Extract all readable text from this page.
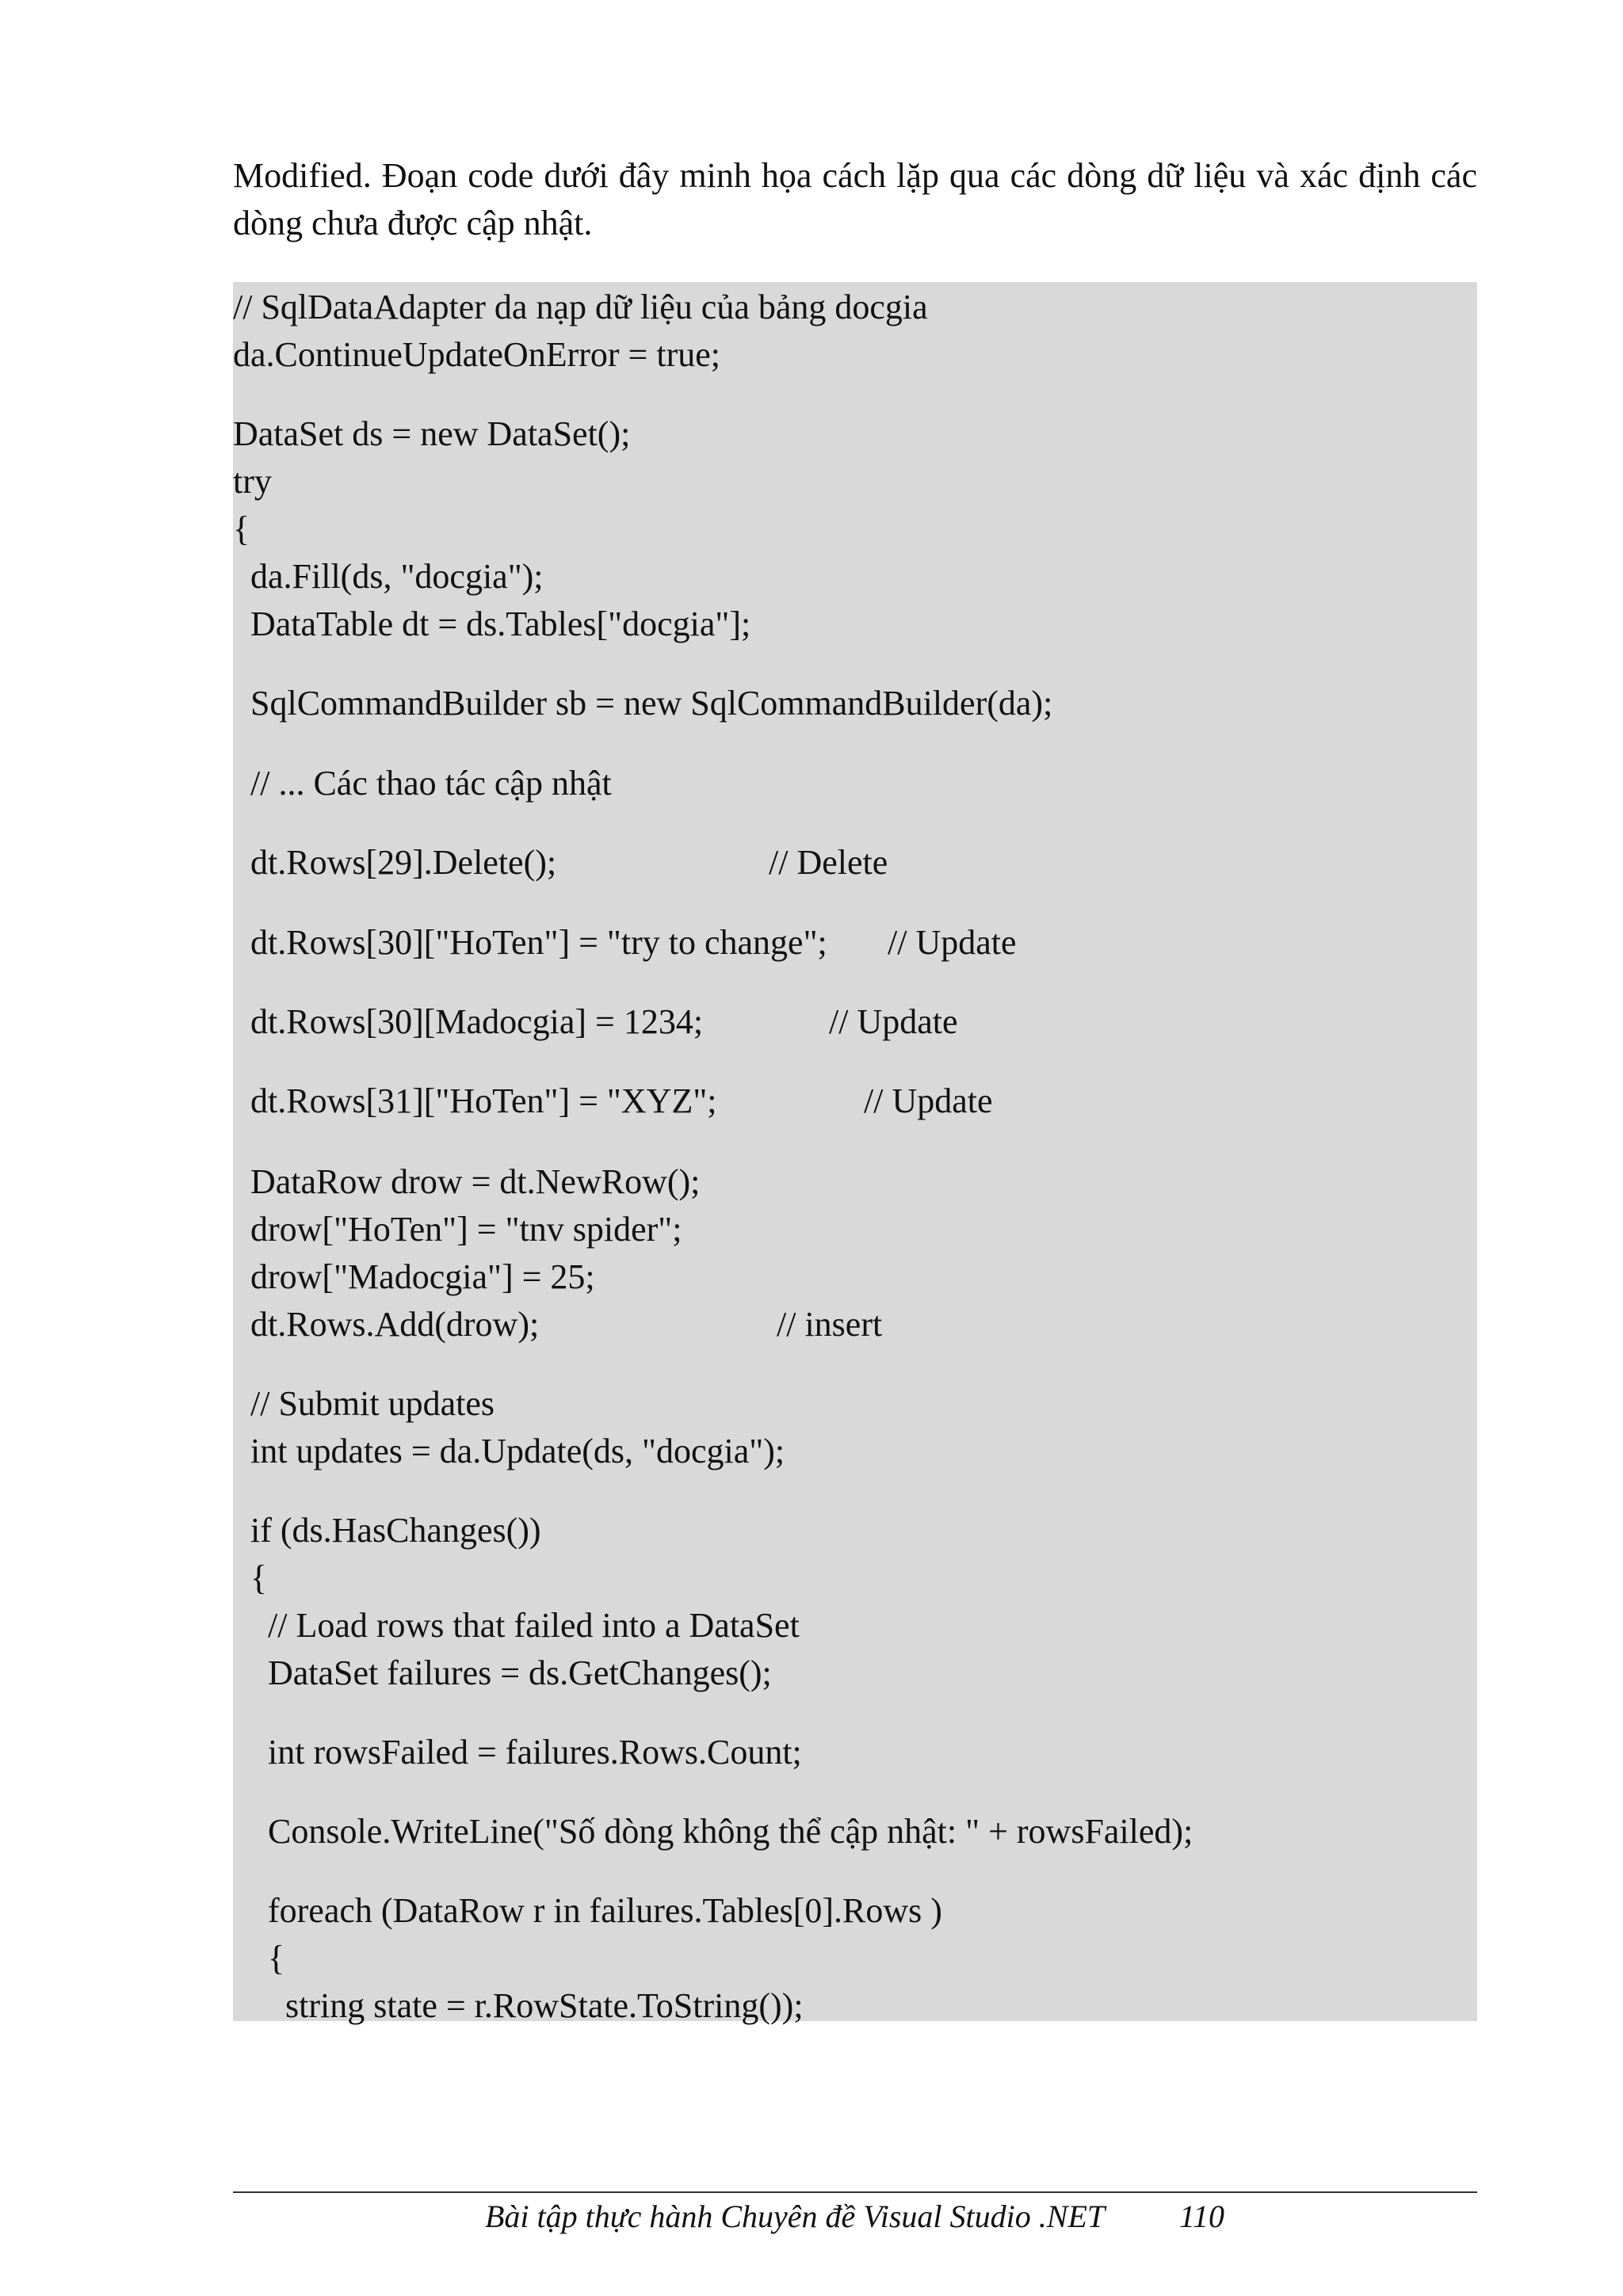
Modified. Đoạn code dưới đây minh họa cách lặp qua các dòng dữ liệu và xác định các
dòng chưa được cập nhật.
// SqlDataAdapter da nạp dữ liệu của bảng docgia
da.ContinueUpdateOnError = true;
DataSet ds = new DataSet();
try
{
da.Fill(ds, "docgia");
DataTable dt = ds.Tables["docgia"];
SqlCommandBuilder sb = new SqlCommandBuilder(da);
// ... Các thao tác cập nhật
dt.Rows[29].Delete();	// Delete
dt.Rows[30]["HoTen"] = "try to change"; // Update
dt.Rows[30][Madocgia] = 1234;	// Update
dt.Rows[31]["HoTen"] = "XYZ";	// Update
DataRow drow = dt.NewRow();
drow["HoTen"] = "tnv spider";
drow["Madocgia"] = 25;
dt.Rows.Add(drow);	// insert
// Submit updates
int updates = da.Update(ds, "docgia");
if (ds.HasChanges())
{
// Load rows that failed into a DataSet
DataSet failures = ds.GetChanges();
int rowsFailed = failures.Rows.Count;
Console.WriteLine("Số dòng không thể cập nhật: " + rowsFailed);
foreach (DataRow r in failures.Tables[0].Rows )
{
string state = r.RowState.ToString());
Bài tập thực hành Chuyên đề Visual Studio .NET 110
